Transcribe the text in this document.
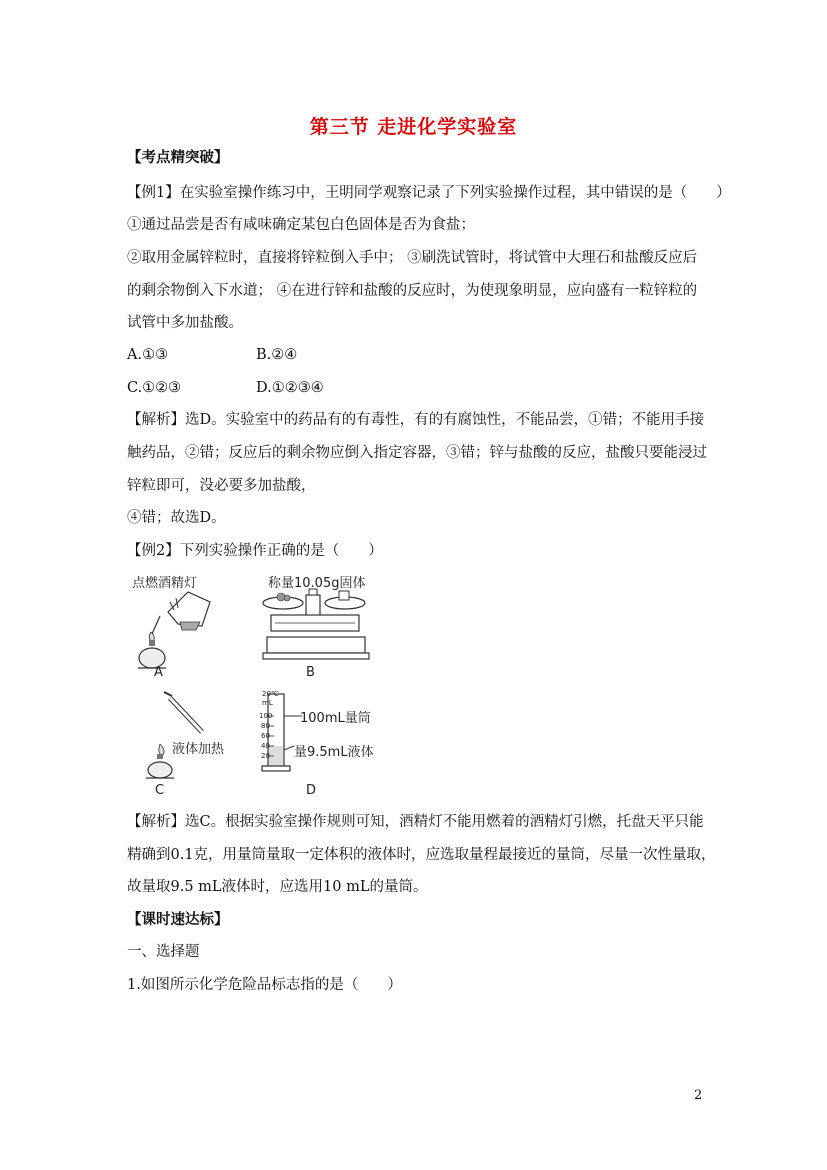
第三节 走进化学实验室
【考点精突破】
【例1】在实验室操作练习中，王明同学观察记录了下列实验操作过程，其中错误的是（　　）
①通过品尝是否有咸味确定某包白色固体是否为食盐；
②取用金属锌粒时，直接将锌粒倒入手中； ③刷洗试管时，将试管中大理石和盐酸反应后
的剩余物倒入下水道； ④在进行锌和盐酸的反应时，为使现象明显，应向盛有一粒锌粒的
试管中多加盐酸。
A.①③	B.②④
C.①②③	D.①②③④
【解析】选D。实验室中的药品有的有毒性，有的有腐蚀性，不能品尝，①错；不能用手接
触药品，②错；反应后的剩余物应倒入指定容器，③错；锌与盐酸的反应，盐酸只要能浸过
锌粒即可，没必要多加盐酸，
④错；故选D。
【例2】下列实验操作正确的是（　　）
点燃酒精灯
A
称量10.05g固体
B
液体加热
C
20℃
mL
100
80
60
40
20
100mL量筒
量9.5mL液体
D
【解析】选C。根据实验室操作规则可知，酒精灯不能用燃着的酒精灯引燃，托盘天平只能
精确到0.1克，用量筒量取一定体积的液体时，应选取量程最接近的量筒，尽量一次性量取，
故量取9.5 mL液体时，应选用10 mL的量筒。
【课时速达标】
一、选择题
1.如图所示化学危险品标志指的是（　　）
2
